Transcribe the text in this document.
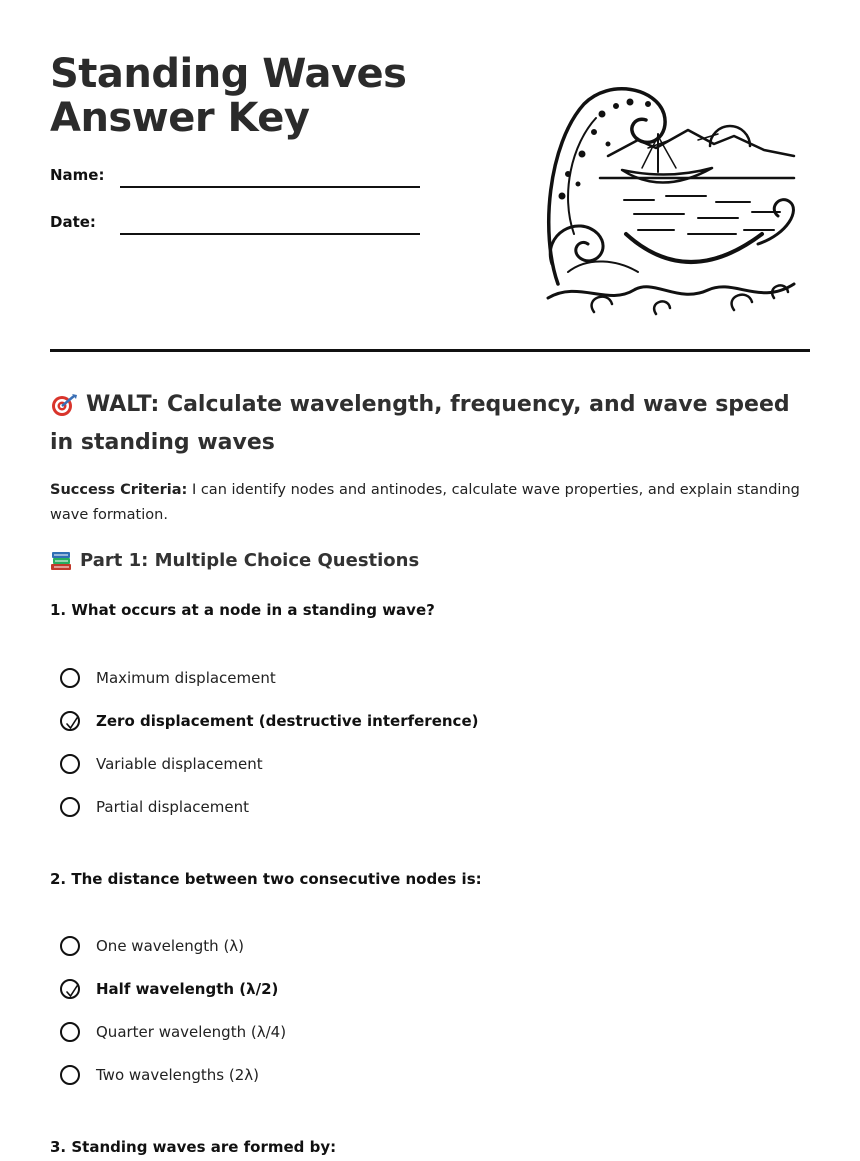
Standing Waves Answer Key
Name:
Date:
WALT: Calculate wavelength, frequency, and wave speed in standing waves
Success Criteria: I can identify nodes and antinodes, calculate wave properties, and explain standing wave formation.
Part 1: Multiple Choice Questions
1. What occurs at a node in a standing wave?
Maximum displacement
Zero displacement (destructive interference)
Variable displacement
Partial displacement
2. The distance between two consecutive nodes is:
One wavelength (λ)
Half wavelength (λ/2)
Quarter wavelength (λ/4)
Two wavelengths (2λ)
3. Standing waves are formed by:
